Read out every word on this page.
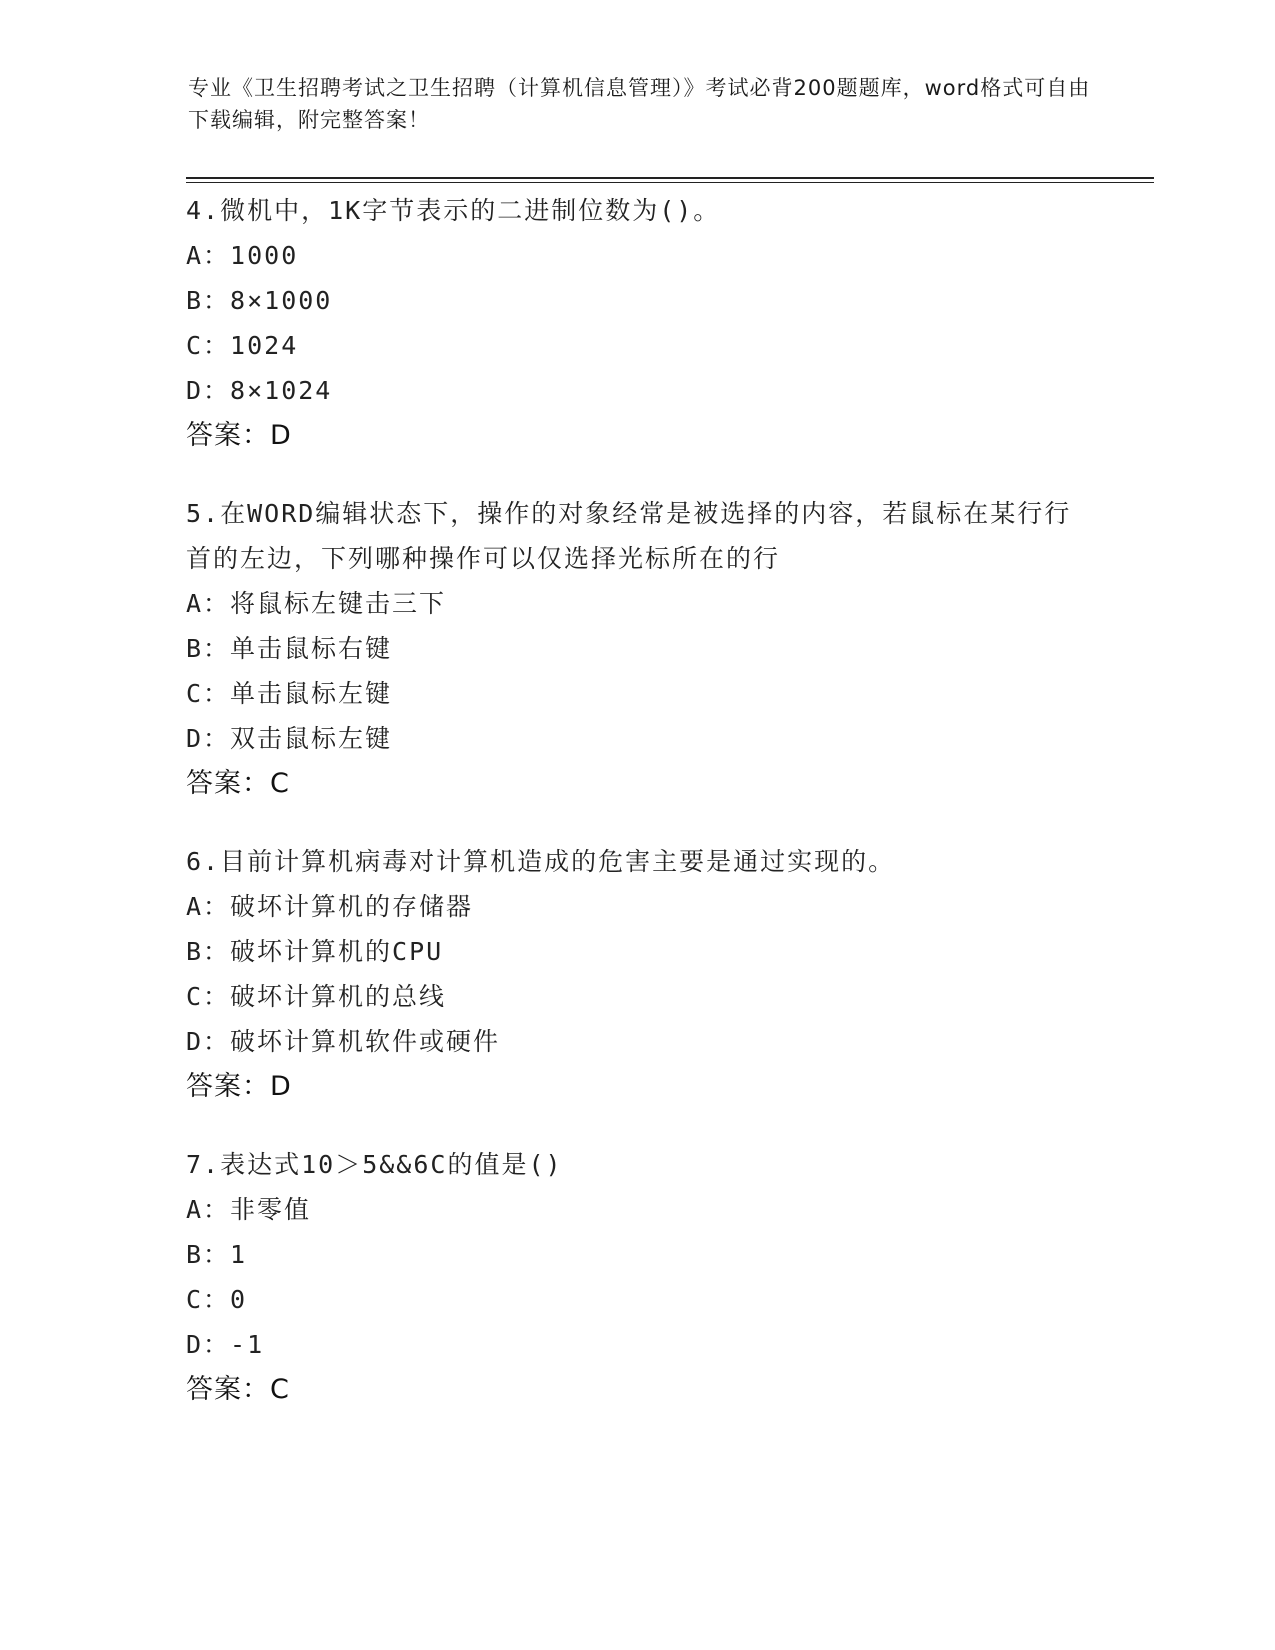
专业《卫生招聘考试之卫生招聘（计算机信息管理）》考试必背200题题库，word格式可自由下载编辑，附完整答案！

4.微机中，1K字节表示的二进制位数为()。

A：1000

B：8×1000

C：1024

D：8×1024

答案：D

5.在WORD编辑状态下，操作的对象经常是被选择的内容，若鼠标在某行行首的左边，下列哪种操作可以仅选择光标所在的行

A：将鼠标左键击三下

B：单击鼠标右键

C：单击鼠标左键

D：双击鼠标左键

答案：C

6.目前计算机病毒对计算机造成的危害主要是通过实现的。

A：破坏计算机的存储器

B：破坏计算机的CPU

C：破坏计算机的总线

D：破坏计算机软件或硬件

答案：D

7.表达式10＞5&&6C的值是()

A：非零值

B：1

C：0

D：-1

答案：C
